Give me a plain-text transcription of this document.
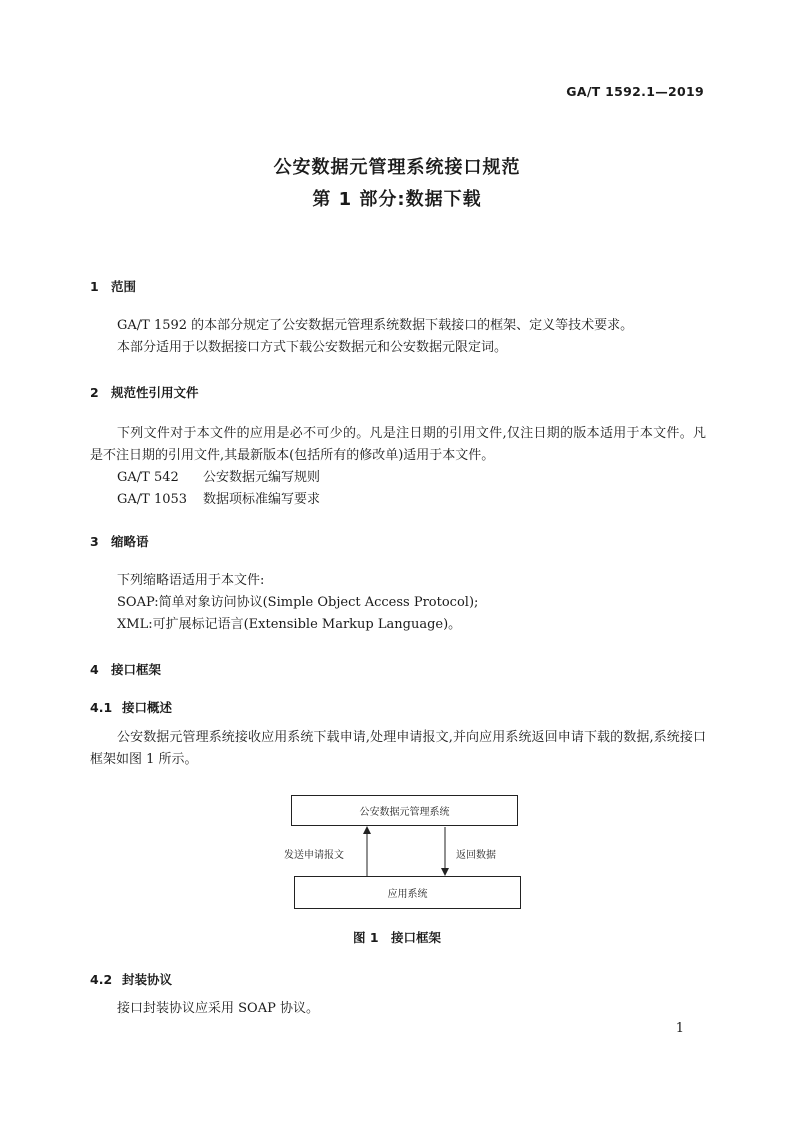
GA/T 1592.1—2019
公安数据元管理系统接口规范
第 1 部分:数据下载
1 范围
GA/T 1592 的本部分规定了公安数据元管理系统数据下载接口的框架、定义等技术要求。
本部分适用于以数据接口方式下载公安数据元和公安数据元限定词。
2 规范性引用文件
下列文件对于本文件的应用是必不可少的。凡是注日期的引用文件,仅注日期的版本适用于本文件。凡是不注日期的引用文件,其最新版本(包括所有的修改单)适用于本文件。
GA/T 542 公安数据元编写规则
GA/T 1053 数据项标准编写要求
3 缩略语
下列缩略语适用于本文件:
SOAP:简单对象访问协议(Simple Object Access Protocol);
XML:可扩展标记语言(Extensible Markup Language)。
4 接口框架
4.1 接口概述
公安数据元管理系统接收应用系统下载申请,处理申请报文,并向应用系统返回申请下载的数据,系统接口框架如图 1 所示。
公安数据元管理系统
应用系统
发送申请报文	返回数据
图 1　接口框架
4.2 封装协议
接口封装协议应采用 SOAP 协议。
1
